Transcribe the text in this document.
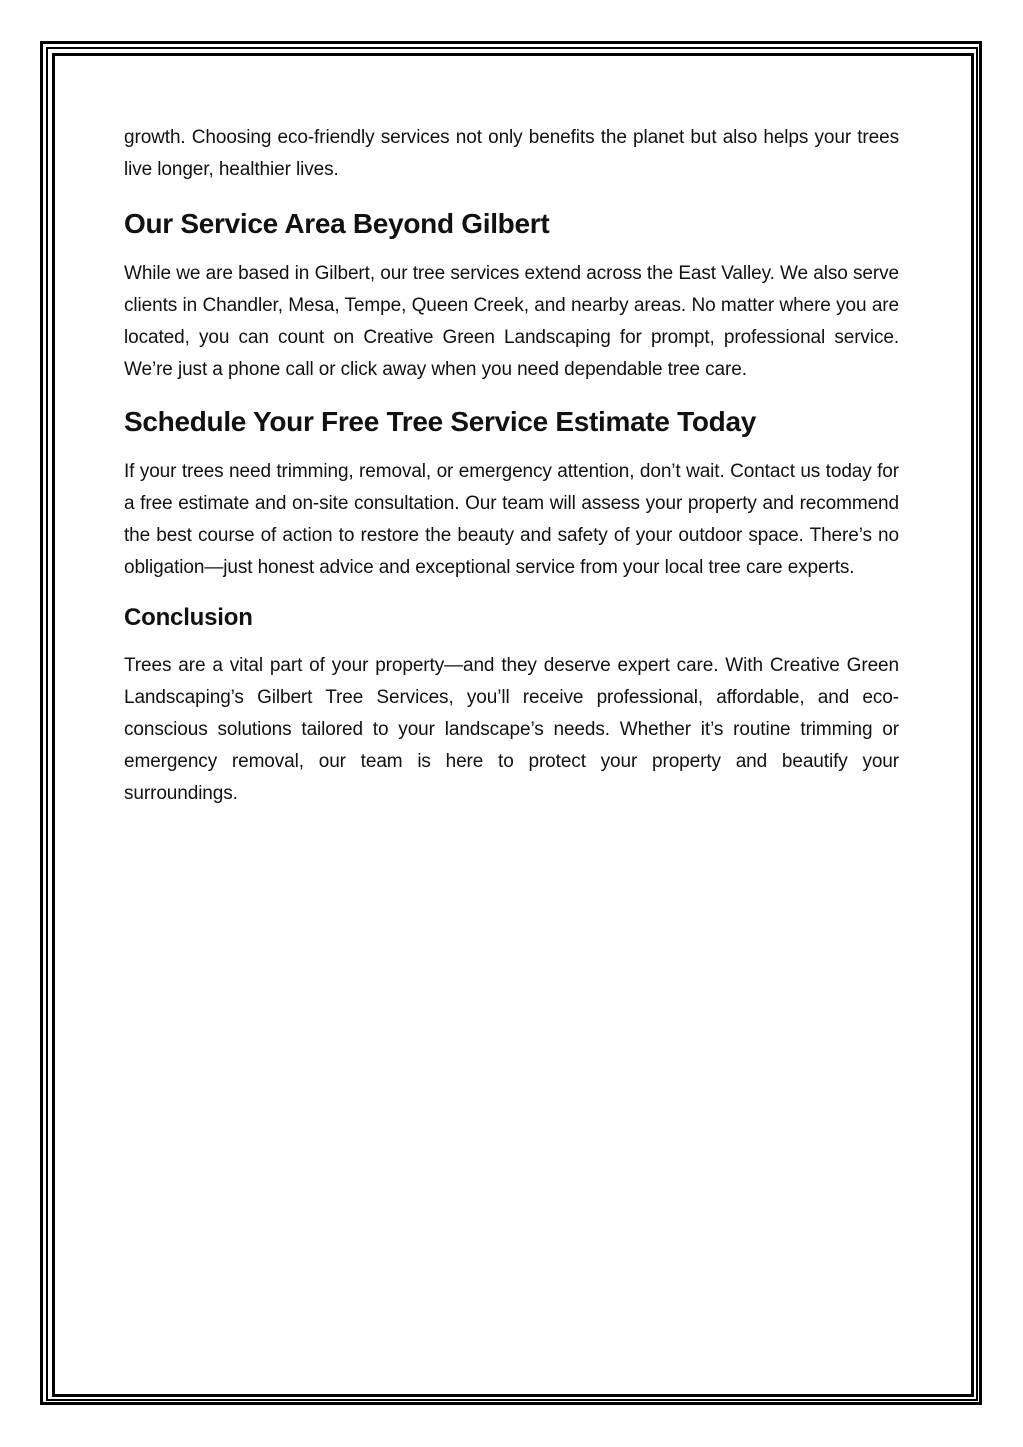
growth. Choosing eco-friendly services not only benefits the planet but also helps your trees live longer, healthier lives.

Our Service Area Beyond Gilbert

While we are based in Gilbert, our tree services extend across the East Valley. We also serve clients in Chandler, Mesa, Tempe, Queen Creek, and nearby areas. No matter where you are located, you can count on Creative Green Landscaping for prompt, professional service. We’re just a phone call or click away when you need dependable tree care.

Schedule Your Free Tree Service Estimate Today

If your trees need trimming, removal, or emergency attention, don’t wait. Contact us today for a free estimate and on-site consultation. Our team will assess your property and recommend the best course of action to restore the beauty and safety of your outdoor space. There’s no obligation—just honest advice and exceptional service from your local tree care experts.

Conclusion

Trees are a vital part of your property—and they deserve expert care. With Creative Green Landscaping’s Gilbert Tree Services, you’ll receive professional, affordable, and eco-conscious solutions tailored to your landscape’s needs. Whether it’s routine trimming or emergency removal, our team is here to protect your property and beautify your surroundings.
